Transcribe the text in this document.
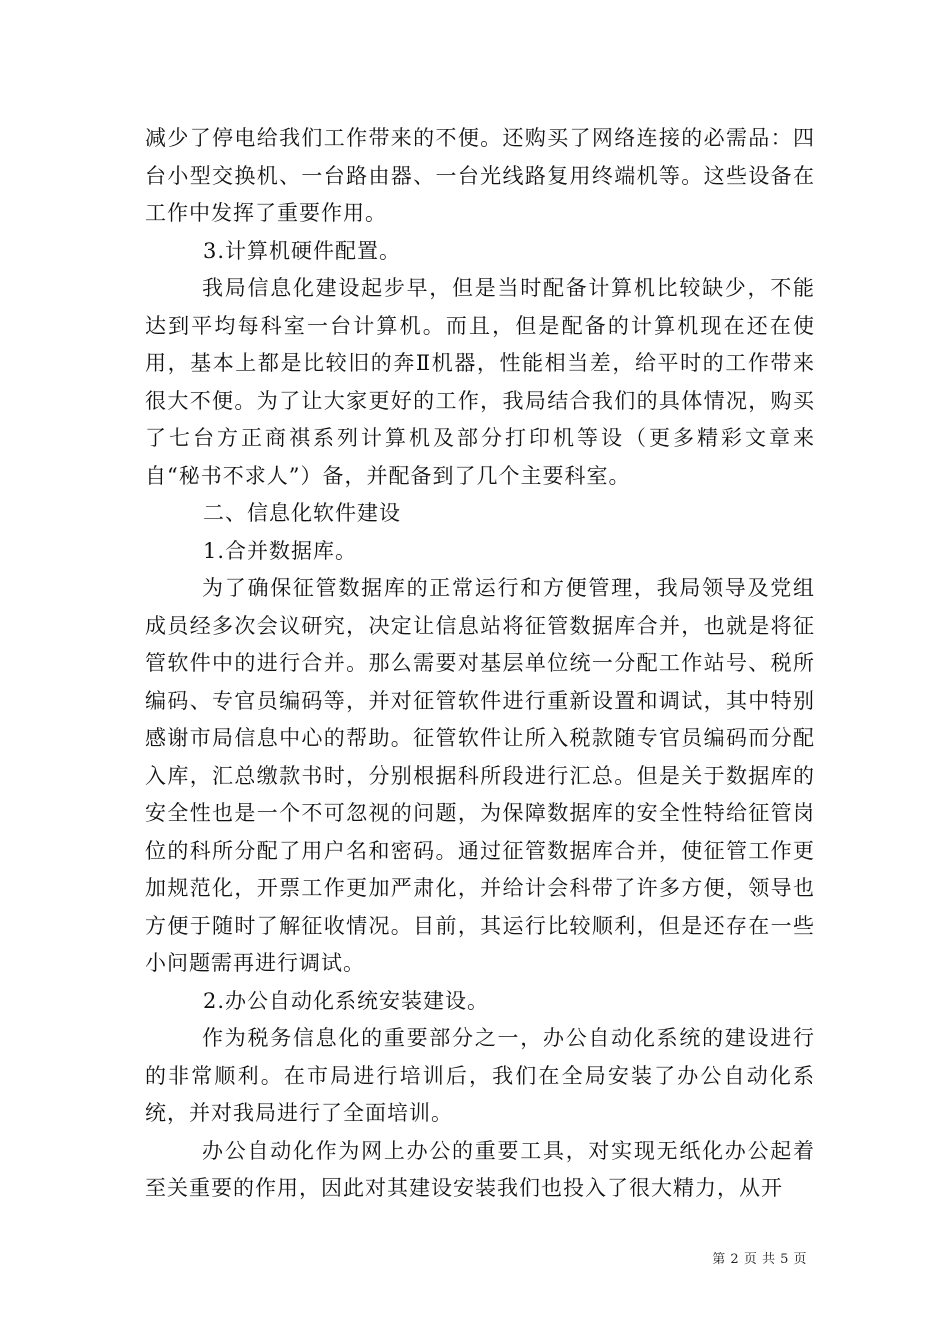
减少了停电给我们工作带来的不便。还购买了网络连接的必需品：四台小型交换机、一台路由器、一台光线路复用终端机等。这些设备在工作中发挥了重要作用。

3.计算机硬件配置。

我局信息化建设起步早，但是当时配备计算机比较缺少，不能达到平均每科室一台计算机。而且，但是配备的计算机现在还在使用，基本上都是比较旧的奔Ⅱ机器，性能相当差，给平时的工作带来很大不便。为了让大家更好的工作，我局结合我们的具体情况，购买了七台方正商祺系列计算机及部分打印机等设（更多精彩文章来自“秘书不求人”）备，并配备到了几个主要科室。

二、信息化软件建设

1.合并数据库。

为了确保征管数据库的正常运行和方便管理，我局领导及党组成员经多次会议研究，决定让信息站将征管数据库合并，也就是将征管软件中的进行合并。那么需要对基层单位统一分配工作站号、税所编码、专官员编码等，并对征管软件进行重新设置和调试，其中特别感谢市局信息中心的帮助。征管软件让所入税款随专官员编码而分配入库，汇总缴款书时，分别根据科所段进行汇总。但是关于数据库的安全性也是一个不可忽视的问题，为保障数据库的安全性特给征管岗位的科所分配了用户名和密码。通过征管数据库合并，使征管工作更加规范化，开票工作更加严肃化，并给计会科带了许多方便，领导也方便于随时了解征收情况。目前，其运行比较顺利，但是还存在一些小问题需再进行调试。

2.办公自动化系统安装建设。

作为税务信息化的重要部分之一，办公自动化系统的建设进行的非常顺利。在市局进行培训后，我们在全局安装了办公自动化系统，并对我局进行了全面培训。

办公自动化作为网上办公的重要工具，对实现无纸化办公起着至关重要的作用，因此对其建设安装我们也投入了很大精力，从开

第 2 页 共 5 页
